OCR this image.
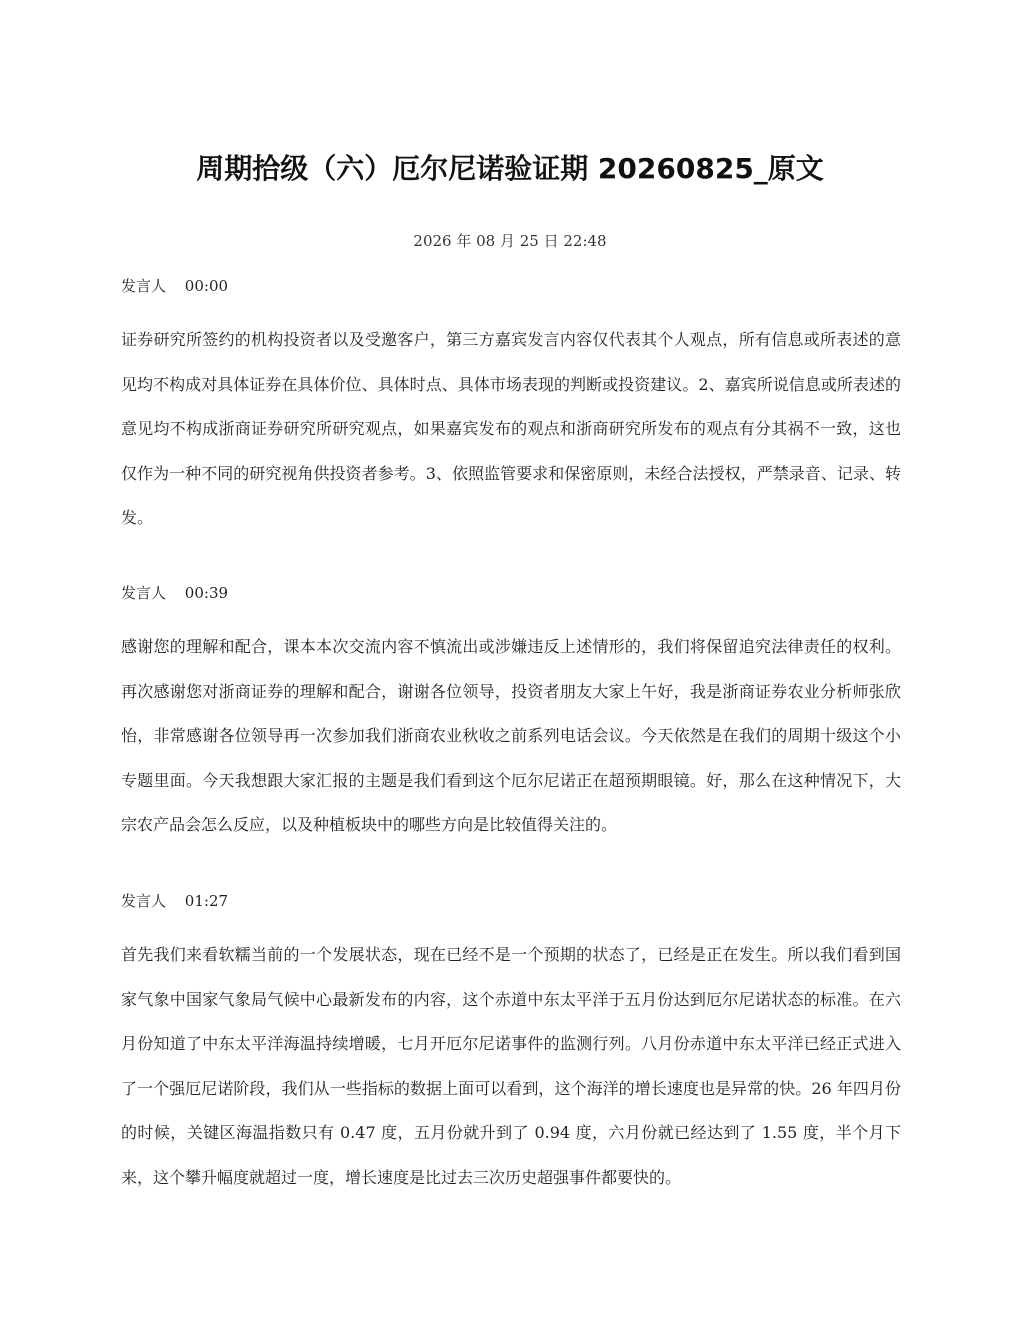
周期拾级（六）厄尔尼诺验证期 20260825_原文
2026 年 08 月 25 日 22:48
发言人 00:00
证券研究所签约的机构投资者以及受邀客户，第三方嘉宾发言内容仅代表其个人观点，所有信息或所表述的意见均不构成对具体证券在具体价位、具体时点、具体市场表现的判断或投资建议。2、嘉宾所说信息或所表述的意见均不构成浙商证券研究所研究观点，如果嘉宾发布的观点和浙商研究所发布的观点有分其祸不一致，这也仅作为一种不同的研究视角供投资者参考。3、依照监管要求和保密原则，未经合法授权，严禁录音、记录、转发。
发言人 00:39
感谢您的理解和配合，课本本次交流内容不慎流出或涉嫌违反上述情形的，我们将保留追究法律责任的权利。再次感谢您对浙商证券的理解和配合，谢谢各位领导，投资者朋友大家上午好，我是浙商证券农业分析师张欣怡，非常感谢各位领导再一次参加我们浙商农业秋收之前系列电话会议。今天依然是在我们的周期十级这个小专题里面。今天我想跟大家汇报的主题是我们看到这个厄尔尼诺正在超预期眼镜。好，那么在这种情况下，大宗农产品会怎么反应，以及种植板块中的哪些方向是比较值得关注的。
发言人 01:27
首先我们来看软糯当前的一个发展状态，现在已经不是一个预期的状态了，已经是正在发生。所以我们看到国家气象中国家气象局气候中心最新发布的内容，这个赤道中东太平洋于五月份达到厄尔尼诺状态的标准。在六月份知道了中东太平洋海温持续增暖，七月开厄尔尼诺事件的监测行列。八月份赤道中东太平洋已经正式进入了一个强厄尼诺阶段，我们从一些指标的数据上面可以看到，这个海洋的增长速度也是异常的快。26 年四月份的时候，关键区海温指数只有 0.47 度，五月份就升到了 0.94 度，六月份就已经达到了 1.55 度，半个月下来，这个攀升幅度就超过一度，增长速度是比过去三次历史超强事件都要快的。
